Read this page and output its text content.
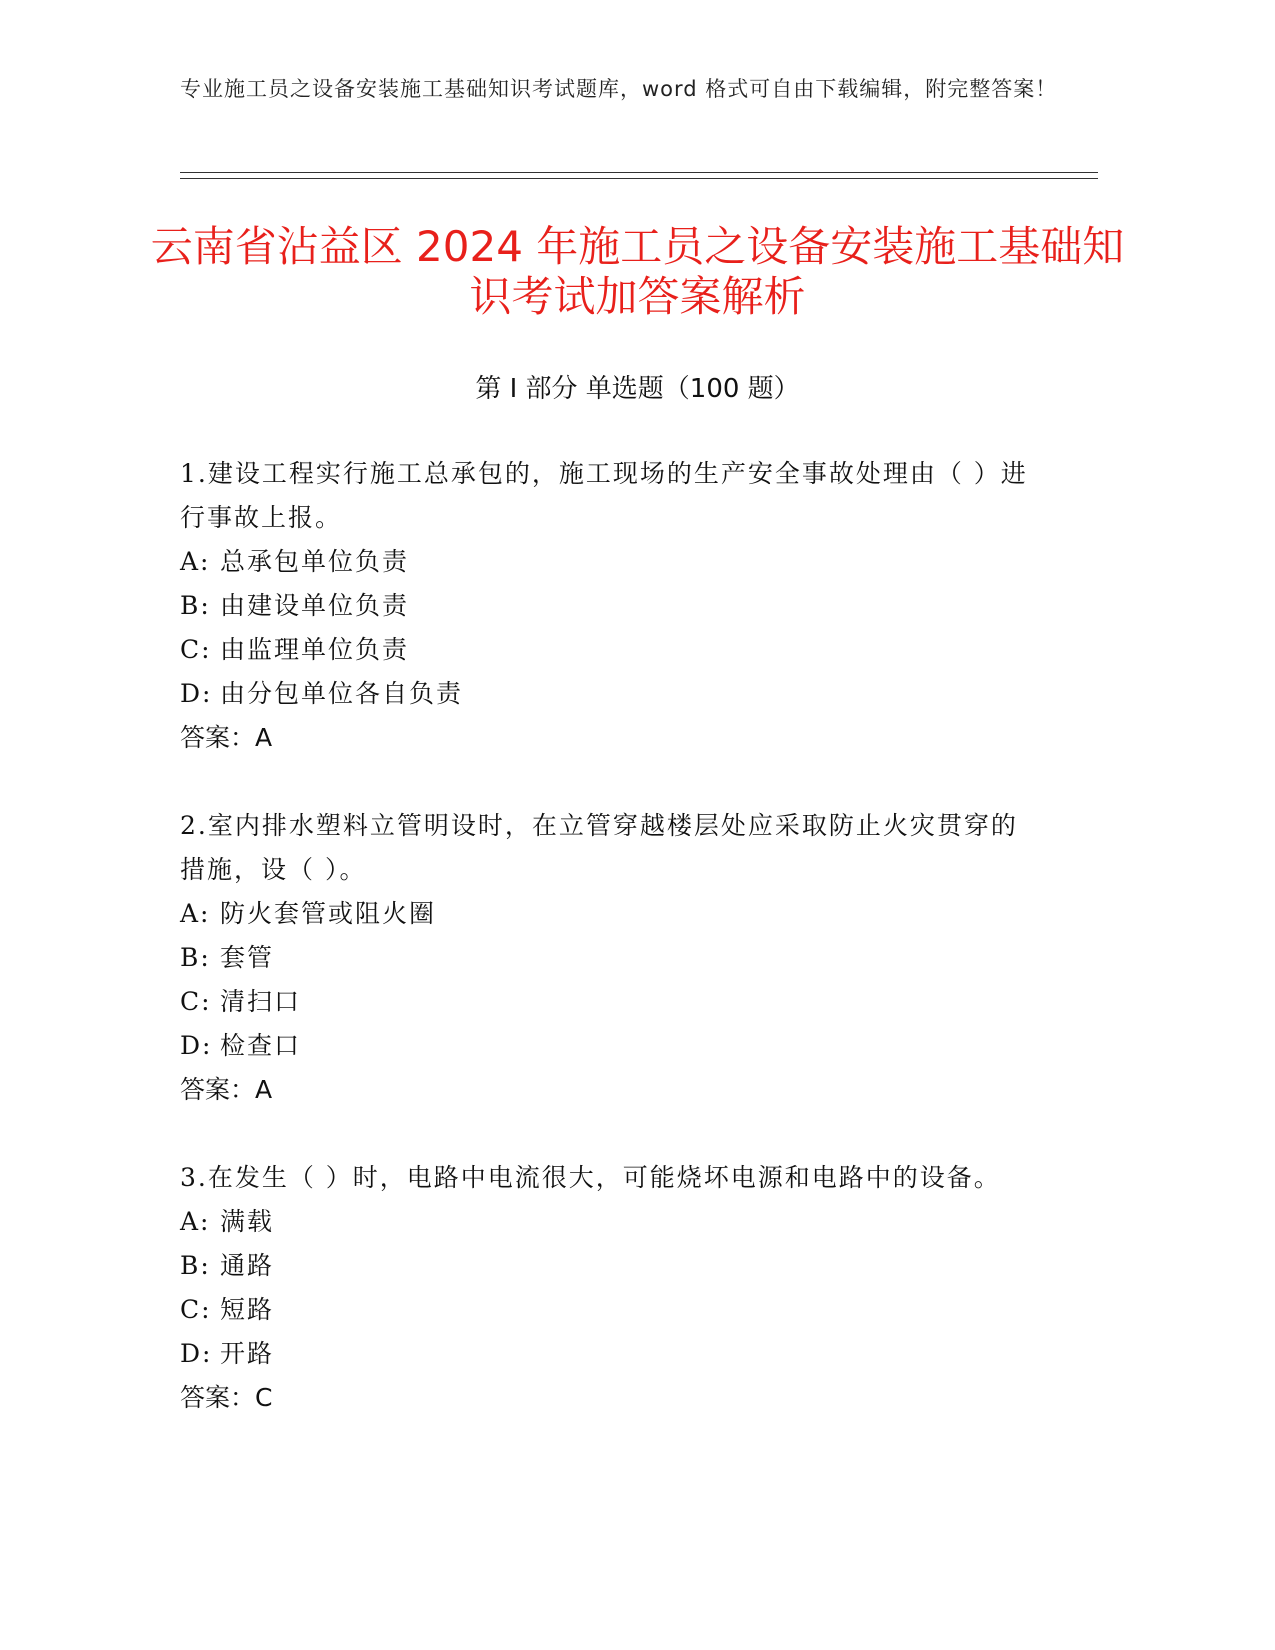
专业施工员之设备安装施工基础知识考试题库，word 格式可自由下载编辑，附完整答案！
云南省沾益区 2024 年施工员之设备安装施工基础知识考试加答案解析
第 I 部分 单选题（100 题）
1.建设工程实行施工总承包的，施工现场的生产安全事故处理由（ ）进行事故上报。
A: 总承包单位负责
B: 由建设单位负责
C: 由监理单位负责
D: 由分包单位各自负责
答案：A
2.室内排水塑料立管明设时，在立管穿越楼层处应采取防止火灾贯穿的措施，设（ ）。
A: 防火套管或阻火圈
B: 套管
C: 清扫口
D: 检查口
答案：A
3.在发生（ ）时，电路中电流很大，可能烧坏电源和电路中的设备。
A: 满载
B: 通路
C: 短路
D: 开路
答案：C
